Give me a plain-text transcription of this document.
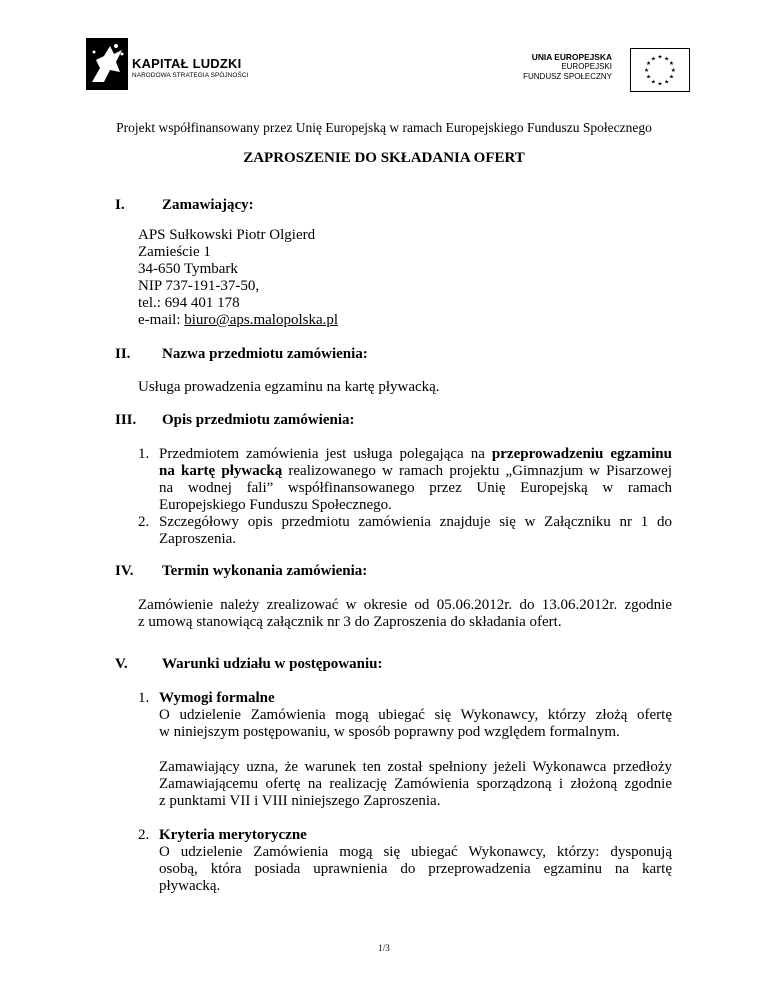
KAPITAŁ LUDZKI
NARODOWA STRATEGIA SPÓJNOŚCI
UNIA EUROPEJSKA
EUROPEJSKI
FUNDUSZ SPOŁECZNY
★ ★
★
★
★
★
★
★
★
★
★
★
Projekt współfinansowany przez Unię Europejską w ramach Europejskiego Funduszu Społecznego
ZAPROSZENIE DO SKŁADANIA OFERT
I. Zamawiający:
APS Sułkowski Piotr Olgierd
Zamieście 1
34-650 Tymbark
NIP 737-191-37-50,
tel.: 694 401 178
e-mail: biuro@aps.malopolska.pl
II. Nazwa przedmiotu zamówienia:
Usługa prowadzenia egzaminu na kartę pływacką.
III. Opis przedmiotu zamówienia:
1. Przedmiotem zamówienia jest usługa polegająca na przeprowadzeniu egzaminu
na kartę pływacką realizowanego w ramach projektu „Gimnazjum w Pisarzowej
na wodnej fali” współfinansowanego przez Unię Europejską w ramach
Europejskiego Funduszu Społecznego.
2. Szczegółowy opis przedmiotu zamówienia znajduje się w Załączniku nr 1 do
Zaproszenia.
IV. Termin wykonania zamówienia:
Zamówienie należy zrealizować w okresie od 05.06.2012r. do 13.06.2012r. zgodnie
z umową stanowiącą załącznik nr 3 do Zaproszenia do składania ofert.
V. Warunki udziału w postępowaniu:
1. Wymogi formalne
O udzielenie Zamówienia mogą ubiegać się Wykonawcy, którzy złożą ofertę
w niniejszym postępowaniu, w sposób poprawny pod względem formalnym.
Zamawiający uzna, że warunek ten został spełniony jeżeli Wykonawca przedłoży
Zamawiającemu ofertę na realizację Zamówienia sporządzoną i złożoną zgodnie
z punktami VII i VIII niniejszego Zaproszenia.
2. Kryteria merytoryczne
O udzielenie Zamówienia mogą się ubiegać Wykonawcy, którzy: dysponują
osobą, która posiada uprawnienia do przeprowadzenia egzaminu na kartę
pływacką.
1/3
